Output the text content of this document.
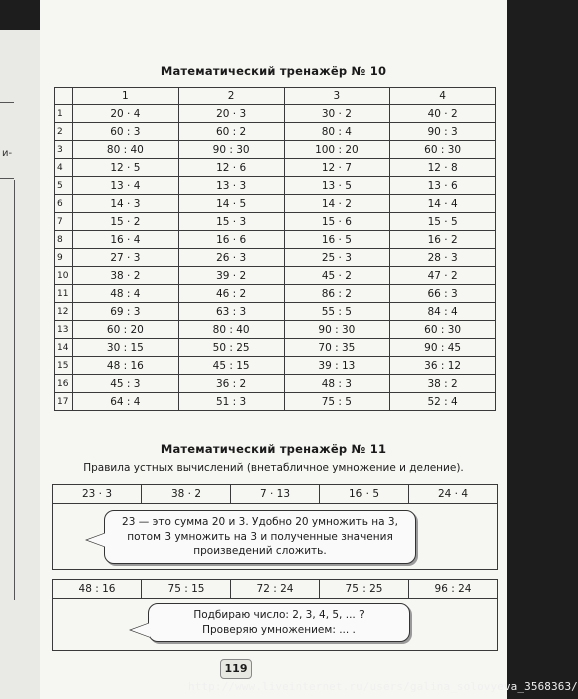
и-
Математический тренажёр № 10
	1	2	3	4
1	20 · 4	20 · 3	30 · 2	40 · 2
2	60 : 3	60 : 2	80 : 4	90 : 3
3	80 : 40	90 : 30	100 : 20	60 : 30
4	12 · 5	12 · 6	12 · 7	12 · 8
5	13 · 4	13 · 3	13 · 5	13 · 6
6	14 · 3	14 · 5	14 · 2	14 · 4
7	15 · 2	15 · 3	15 · 6	15 · 5
8	16 · 4	16 · 6	16 · 5	16 · 2
9	27 · 3	26 · 3	25 · 3	28 · 3
10	38 · 2	39 · 2	45 · 2	47 · 2
11	48 : 4	46 : 2	86 : 2	66 : 3
12	69 : 3	63 : 3	55 : 5	84 : 4
13	60 : 20	80 : 40	90 : 30	60 : 30
14	30 : 15	50 : 25	70 : 35	90 : 45
15	48 : 16	45 : 15	39 : 13	36 : 12
16	45 : 3	36 : 2	48 : 3	38 : 2
17	64 : 4	51 : 3	75 : 5	52 : 4
Математический тренажёр № 11
Правила устных вычислений (внетабличное умножение и деление).
23 · 3	38 · 2	7 · 13	16 · 5	24 · 4
23 — это сумма 20 и 3. Удобно 20 умножить на 3,
потом 3 умножить на 3 и полученные значения
произведений сложить.
48 : 16	75 : 15	72 : 24	75 : 25	96 : 24
Подбираю число: 2, 3, 4, 5, ... ?
Проверяю умножением: ... .
119
http://www.liveinternet.ru/users/galina_solovyeva_3568363/
